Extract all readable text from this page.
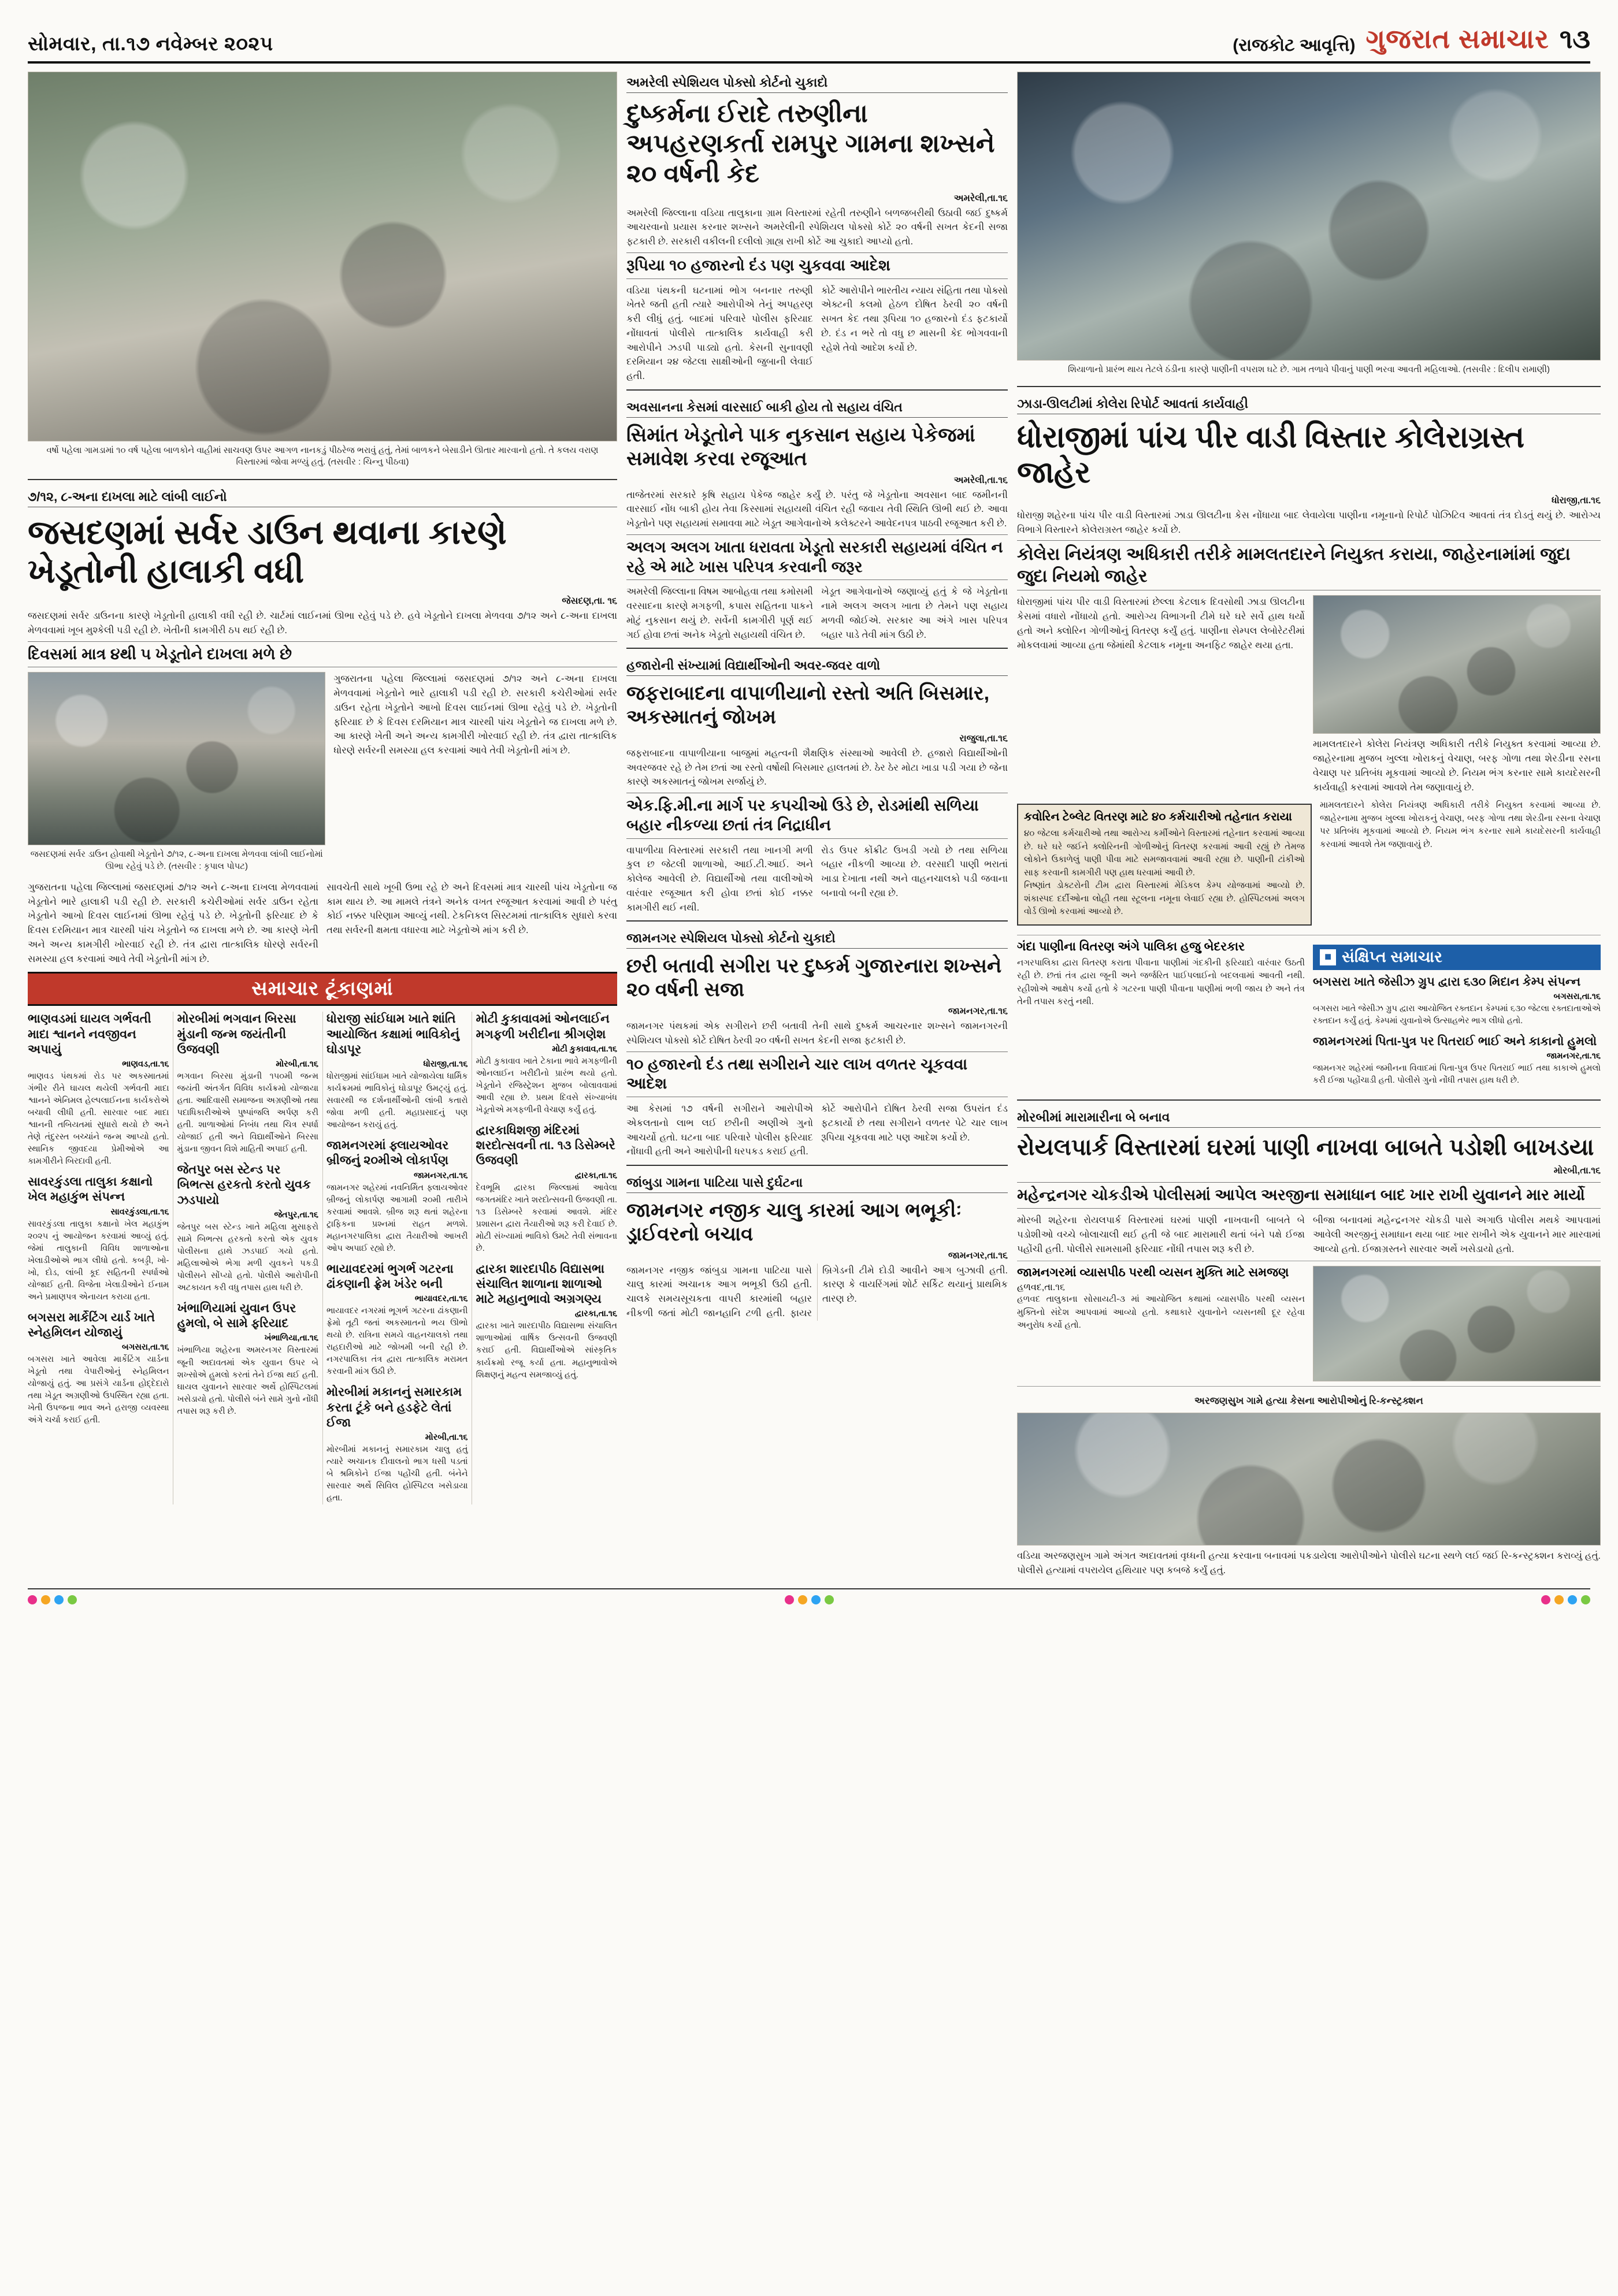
સોમવાર, તા.૧૭ નવેમ્બર ૨૦૨૫	(રાજકોટ આવૃત્તિ) ગુજરાત સમાચાર ૧૩
વર્ષો પહેલા ગામડામાં ૧૦ વર્ષ પહેલા બાળકોને વાહીમાં સાચવણ ઉપર આગળ નાનકડું પીઠરેજ ભરાવું હતું, તેમાં બાળકને બેસાડીને ઊતાર મારવાનો હતો. તે કલય વરાણ વિસ્તારમાં જોવા મળ્યું હતું. (તસવીર : ચિન્નુ પીઠવા)
૭/૧૨, ૮-અના દાખલા માટે લાંબી લાઈનો
જસદણમાં સર્વર ડાઉન થવાના કારણે ખેડૂતોની હાલાકી વધી
જેસદણ,તા. ૧૬
જસદણમાં સર્વર ડાઉનના કારણે ખેડૂતોની હાલાકી વધી રહી છે. ચાર્ટમાં લાઈનમાં ઊભા રહેવું પડે છે. હવે ખેડૂતોને દાખલા મેળવવા ૭/૧૨ અને ૮-અના દાખલા મેળવવામાં ખૂબ મુશ્કેલી પડી રહી છે. ખેતીની કામગીરી ઠપ થઈ રહી છે.
દિવસમાં માત્ર ૪થી ૫ ખેડૂતોને દાખલા મળે છે
જસદણમાં સર્વર ડાઉન હોવાથી ખેડૂતોને ૭/૧૨, ૮-અના દાખલા મેળવવા લાંબી લાઈનોમાં ઊભા રહેવું પડે છે. (તસવીર : કૃપાલ પોપટ)
ગુજરાતના પહેલા જિલ્લામાં જસદણમાં ૭/૧૨ અને ૮-અના દાખલા મેળવવામાં ખેડૂતોને ભારે હાલાકી પડી રહી છે. સરકારી કચેરીઓમાં સર્વર ડાઉન રહેતા ખેડૂતોને આખો દિવસ લાઈનમાં ઊભા રહેવું પડે છે. ખેડૂતોની ફરિયાદ છે કે દિવસ દરમિયાન માત્ર ચારથી પાંચ ખેડૂતોને જ દાખલા મળે છે. આ કારણે ખેતી અને અન્ય કામગીરી ખોરવાઈ રહી છે. તંત્ર દ્વારા તાત્કાલિક ધોરણે સર્વરની સમસ્યા હલ કરવામાં આવે તેવી ખેડૂતોની માંગ છે.
ગુજરાતના પહેલા જિલ્લામાં જસદણમાં ૭/૧૨ અને ૮-અના દાખલા મેળવવામાં ખેડૂતોને ભારે હાલાકી પડી રહી છે. સરકારી કચેરીઓમાં સર્વર ડાઉન રહેતા ખેડૂતોને આખો દિવસ લાઈનમાં ઊભા રહેવું પડે છે. ખેડૂતોની ફરિયાદ છે કે દિવસ દરમિયાન માત્ર ચારથી પાંચ ખેડૂતોને જ દાખલા મળે છે. આ કારણે ખેતી અને અન્ય કામગીરી ખોરવાઈ રહી છે. તંત્ર દ્વારા તાત્કાલિક ધોરણે સર્વરની સમસ્યા હલ કરવામાં આવે તેવી ખેડૂતોની માંગ છે.
સાવચેતી સાથે ખૂબી ઉભા રહે છે અને દિવસમાં માત્ર ચારથી પાંચ ખેડૂતોના જ કામ થાય છે. આ મામલે તંત્રને અનેક વખત રજૂઆત કરવામાં આવી છે પરંતુ કોઈ નક્કર પરિણામ આવ્યું નથી. ટેકનિકલ સિસ્ટમમાં તાત્કાલિક સુધારો કરવા તથા સર્વરની ક્ષમતા વધારવા માટે ખેડૂતોએ માંગ કરી છે.
સમાચાર ટૂંકાણમાં
ભાણવડમાં ઘાયલ ગર્ભવતી માદા શ્વાનને નવજીવન અપાયું
ભાણવડ,તા.૧૬
ભાણવડ પંથકમાં રોડ પર અકસ્માતમાં ગંભીર રીતે ઘાયલ થયેલી ગર્ભવતી માદા શ્વાનને એનિમલ હેલ્પલાઈનના કાર્યકરોએ બચાવી લીધી હતી. સારવાર બાદ માદા શ્વાનની તબિયતમાં સુધારો થયો છે અને તેણે તંદુરસ્ત બચ્ચાંને જન્મ આપ્યો હતો. સ્થાનિક જીવદયા પ્રેમીઓએ આ કામગીરીને બિરદાવી હતી.
સાવરકુંડલા તાલુકા કક્ષાનો ખેલ મહાકુંભ સંપન્ન
સાવરકુંડલા,તા.૧૬
સાવરકુંડલા તાલુકા કક્ષાનો ખેલ મહાકુંભ ૨૦૨૫ નું આયોજન કરવામાં આવ્યું હતું. જેમાં તાલુકાની વિવિધ શાળાઓના ખેલાડીઓએ ભાગ લીધો હતો. કબડ્ડી, ખો-ખો, દોડ, લાંબી કૂદ સહિતની સ્પર્ધાઓ યોજાઈ હતી. વિજેતા ખેલાડીઓને ઈનામ અને પ્રમાણપત્ર એનાયત કરાયા હતા.
બગસરા માર્કેટિંગ યાર્ડ ખાતે સ્નેહમિલન યોજાયું
બગસરા,તા.૧૬
બગસરા ખાતે આવેલા માર્કેટિંગ યાર્ડના ખેડૂતો તથા વેપારીઓનું સ્નેહમિલન યોજાયું હતું. આ પ્રસંગે યાર્ડના હોદ્દેદારો તથા ખેડૂત અગ્રણીઓ ઉપસ્થિત રહ્યા હતા. ખેતી ઉપજના ભાવ અને હરાજી વ્યવસ્થા અંગે ચર્ચા કરાઈ હતી.
મોરબીમાં ભગવાન બિરસા મુંડાની જન્મ જયંતીની ઉજવણી
મોરબી,તા.૧૬
ભગવાન બિરસા મુંડાની ૧૫૦મી જન્મ જયંતી અંતર્ગત વિવિધ કાર્યક્રમો યોજાયા હતા. આદિવાસી સમાજના અગ્રણીઓ તથા પદાધિકારીઓએ પુષ્પાંજલિ અર્પણ કરી હતી. શાળાઓમાં નિબંધ તથા ચિત્ર સ્પર્ધા યોજાઈ હતી અને વિદ્યાર્થીઓને બિરસા મુંડાના જીવન વિશે માહિતી અપાઈ હતી.
જેતપુર બસ સ્ટેન્ડ પર બિભત્સ હરકતો કરતો યુવક ઝડપાયો
જેતપુર,તા.૧૬
જેતપુર બસ સ્ટેન્ડ ખાતે મહિલા મુસાફરો સામે બિભત્સ હરકતો કરતો એક યુવક પોલીસના હાથે ઝડપાઈ ગયો હતો. મહિલાઓએ ભેગા મળી યુવકને પકડી પોલીસને સોંપ્યો હતો. પોલીસે આરોપીની અટકાયત કરી વધુ તપાસ હાથ ધરી છે.
ખંભાળિયામાં યુવાન ઉપર હુમલો, બે સામે ફરિયાદ
ખંભાળિયા,તા.૧૬
ખંભાળિયા શહેરના અમરનગર વિસ્તારમાં જૂની અદાવતમાં એક યુવાન ઉપર બે શખ્સોએ હુમલો કરતાં તેને ઈજા થઈ હતી. ઘાયલ યુવાનને સારવાર અર્થે હોસ્પિટલમાં ખસેડાયો હતો. પોલીસે બંને સામે ગુનો નોંધી તપાસ શરૂ કરી છે.
ધોરાજી સાંઈધામ ખાતે શાંતિ આયોજિત કક્ષામાં ભાવિકોનું ઘોડાપૂર
ધોરાજી,તા.૧૬
ધોરાજીમાં સાંઈધામ ખાતે યોજાયેલા ધાર્મિક કાર્યક્રમમાં ભાવિકોનું ઘોડાપૂર ઉમટ્યું હતું. સવારથી જ દર્શનાર્થીઓની લાંબી કતારો જોવા મળી હતી. મહાપ્રસાદનું પણ આયોજન કરાયું હતું.
જામનગરમાં ફ્લાયઓવર બ્રીજનું ૨૦મીએ લોકાર્પણ
જામનગર,તા.૧૬
જામનગર શહેરમાં નવનિર્મિત ફ્લાયઓવર બ્રીજનું લોકાર્પણ આગામી ૨૦મી તારીખે કરવામાં આવશે. બ્રીજ શરૂ થતાં શહેરના ટ્રાફિકના પ્રશ્નમાં રાહત મળશે. મહાનગરપાલિકા દ્વારા તૈયારીઓ આખરી ઓપ અપાઈ રહ્યો છે.
ભાયાવદરમાં ભુગર્ભ ગટરના ઢાંકણાની ફ્રેમ ખંડેર બની
ભાયાવદર,તા.૧૬
ભાયાવદર નગરમાં ભૂગર્ભ ગટરના ઢાંકણાની ફ્રેમો તૂટી જતાં અકસ્માતનો ભય ઊભો થયો છે. રાત્રિના સમયે વાહનચાલકો તથા રાહદારીઓ માટે જોખમી બની રહી છે. નગરપાલિકા તંત્ર દ્વારા તાત્કાલિક મરામત કરવાની માંગ ઉઠી છે.
મોરબીમાં મકાનનું સમારકામ કરતા ટૂંકે બને હડફેટે લેતાં ઈજા
મોરબી,તા.૧૬
મોરબીમાં મકાનનું સમારકામ ચાલુ હતું ત્યારે અચાનક દીવાલનો ભાગ ધસી પડતાં બે શ્રમિકોને ઈજા પહોંચી હતી. બંનેને સારવાર અર્થે સિવિલ હોસ્પિટલ ખસેડાયા હતા.
મોટી કુકાવાવમાં ઓનલાઈન મગફળી ખરીદીના શ્રીગણેશ
મોટી કુકાવાવ,તા.૧૬
મોટી કુકાવાવ ખાતે ટેકાના ભાવે મગફળીની ઓનલાઈન ખરીદીનો પ્રારંભ થયો હતો. ખેડૂતોને રજિસ્ટ્રેશન મુજબ બોલાવવામાં આવી રહ્યા છે. પ્રથમ દિવસે સંખ્યાબંધ ખેડૂતોએ મગફળીની વેચાણ કર્યું હતું.
દ્વારકાધિશજી મંદિરમાં શરદોત્સવની તા. ૧૩ ડિસેમ્બરે ઉજવણી
દ્વારકા,તા.૧૬
દેવભૂમિ દ્વારકા જિલ્લામાં આવેલા જગતમંદિર ખાતે શરદોત્સવની ઉજવણી તા. ૧૩ ડિસેમ્બરે કરવામાં આવશે. મંદિર પ્રશાસન દ્વારા તૈયારીઓ શરૂ કરી દેવાઈ છે. મોટી સંખ્યામાં ભાવિકો ઉમટે તેવી સંભાવના છે.
દ્વારકા શારદાપીઠ વિદ્યાસભા સંચાલિત શાળાના શાળાઓ માટે મહાનુભાવો અગ્રગણ્ય
દ્વારકા,તા.૧૬
દ્વારકા ખાતે શારદાપીઠ વિદ્યાસભા સંચાલિત શાળાઓમાં વાર્ષિક ઉત્સવની ઉજવણી કરાઈ હતી. વિદ્યાર્થીઓએ સાંસ્કૃતિક કાર્યક્રમો રજૂ કર્યા હતા. મહાનુભાવોએ શિક્ષણનું મહત્વ સમજાવ્યું હતું.
અમરેલી સ્પેશિયલ પોક્સો કોર્ટનો ચુકાદો
દુષ્કર્મના ઈરાદે તરુણીના અપહરણકર્તા રામપુર ગામના શખ્સને ૨૦ વર્ષની કેદ
અમરેલી,તા.૧૬
અમરેલી જિલ્લાના વડિયા તાલુકાના ગ્રામ વિસ્તારમાં રહેતી તરુણીને બળજબરીથી ઉઠાવી જઈ દુષ્કર્મ આચરવાનો પ્રયાસ કરનાર શખ્સને અમરેલીની સ્પેશિયલ પોક્સો કોર્ટે ૨૦ વર્ષની સખત કેદની સજા ફટકારી છે. સરકારી વકીલની દલીલો ગ્રાહ્ય રાખી કોર્ટે આ ચુકાદો આપ્યો હતો.
રૂપિયા ૧૦ હજારનો દંડ પણ ચુકવવા આદેશ
વડિયા પંથકની ઘટનામાં ભોગ બનનાર તરુણી ખેતરે જતી હતી ત્યારે આરોપીએ તેનું અપહરણ કરી લીધું હતું. બાદમાં પરિવારે પોલીસ ફરિયાદ નોંધાવતાં પોલીસે તાત્કાલિક કાર્યવાહી કરી આરોપીને ઝડપી પાડ્યો હતો. કેસની સુનાવણી દરમિયાન ૨૪ જેટલા સાક્ષીઓની જુબાની લેવાઈ હતી.
કોર્ટે આરોપીને ભારતીય ન્યાય સંહિતા તથા પોક્સો એક્ટની કલમો હેઠળ દોષિત ઠેરવી ૨૦ વર્ષની સખત કેદ તથા રૂપિયા ૧૦ હજારનો દંડ ફટકાર્યો છે. દંડ ન ભરે તો વધુ છ માસની કેદ ભોગવવાની રહેશે તેવો આદેશ કર્યો છે.
અવસાનના કેસમાં વારસાઈ બાકી હોય તો સહાય વંચિત
સિમાંત ખેડૂતોને પાક નુકસાન સહાય પેકેજમાં સમાવેશ કરવા રજૂઆત
અમરેલી,તા.૧૬
તાજેતરમાં સરકારે કૃષિ સહાય પેકેજ જાહેર કર્યું છે. પરંતુ જે ખેડૂતોના અવસાન બાદ જમીનની વારસાઈ નોંધ બાકી હોય તેવા કિસ્સામાં સહાયથી વંચિત રહી જવાય તેવી સ્થિતિ ઊભી થઈ છે. આવા ખેડૂતોને પણ સહાયમાં સમાવવા માટે ખેડૂત આગેવાનોએ કલેક્ટરને આવેદનપત્ર પાઠવી રજૂઆત કરી છે.
અલગ અલગ ખાતા ધરાવતા ખેડૂતો સરકારી સહાયમાં વંચિત ન રહે એ માટે ખાસ પરિપત્ર કરવાની જરૂર
અમરેલી જિલ્લાના વિષમ આબોહવા તથા કમોસમી વરસાદના કારણે મગફળી, કપાસ સહિતના પાકને મોટું નુકસાન થયું છે. સર્વેની કામગીરી પૂર્ણ થઈ ગઈ હોવા છતાં અનેક ખેડૂતો સહાયથી વંચિત છે.
ખેડૂત આગેવાનોએ જણાવ્યું હતું કે જે ખેડૂતોના નામે અલગ અલગ ખાતા છે તેમને પણ સહાય મળવી જોઈએ. સરકાર આ અંગે ખાસ પરિપત્ર બહાર પાડે તેવી માંગ ઉઠી છે.
હજારોની સંખ્યામાં વિદ્યાર્થીઓની અવર-જવર વાળો
જફરાબાદના વાપાળીયાનો રસ્તો અતિ બિસમાર, અકસ્માતનું જોખમ
રાજુલા,તા.૧૬
જફરાબાદના વાપાળીયાના બાજુમાં મહત્વની શૈક્ષણિક સંસ્થાઓ આવેલી છે. હજારો વિદ્યાર્થીઓની અવરજવર રહે છે તેમ છતાં આ રસ્તો વર્ષોથી બિસમાર હાલતમાં છે. ઠેર ઠેર મોટા ખાડા પડી ગયા છે જેના કારણે અકસ્માતનું જોખમ સર્જાયું છે.
એક.ફિ.મી.ના માર્ગ પર કપચીઓ ઉડે છે, રોડમાંથી સળિયા બહાર નીકળ્યા છતાં તંત્ર નિદ્રાધીન
વાપાળીયા વિસ્તારમાં સરકારી તથા ખાનગી મળી કુલ છ જેટલી શાળાઓ, આઈ.ટી.આઈ. અને કોલેજ આવેલી છે. વિદ્યાર્થીઓ તથા વાલીઓએ વારંવાર રજૂઆત કરી હોવા છતાં કોઈ નક્કર કામગીરી થઈ નથી.
રોડ ઉપર કોંક્રીટ ઉખડી ગયો છે તથા સળિયા બહાર નીકળી આવ્યા છે. વરસાદી પાણી ભરાતાં ખાડા દેખાતા નથી અને વાહનચાલકો પડી જવાના બનાવો બની રહ્યા છે.
જામનગર સ્પેશિયલ પોક્સો કોર્ટનો ચુકાદો
છરી બતાવી સગીરા પર દુષ્કર્મ ગુજારનારા શખ્સને ૨૦ વર્ષની સજા
જામનગર,તા.૧૬
જામનગર પંથકમાં એક સગીરાને છરી બતાવી તેની સાથે દુષ્કર્મ આચરનાર શખ્સને જામનગરની સ્પેશિયલ પોક્સો કોર્ટે દોષિત ઠેરવી ૨૦ વર્ષની સખત કેદની સજા ફટકારી છે.
૧૦ હજારનો દંડ તથા સગીરાને ચાર લાખ વળતર ચૂકવવા આદેશ
આ કેસમાં ૧૭ વર્ષની સગીરાને આરોપીએ એકલતાનો લાભ લઈ છરીની અણીએ ગુનો આચર્યો હતો. ઘટના બાદ પરિવારે પોલીસ ફરિયાદ નોંધાવી હતી અને આરોપીની ધરપકડ કરાઈ હતી.
કોર્ટે આરોપીને દોષિત ઠેરવી સજા ઉપરાંત દંડ ફટકાર્યો છે તથા સગીરાને વળતર પેટે ચાર લાખ રૂપિયા ચૂકવવા માટે પણ આદેશ કર્યો છે.
જાંબુડા ગામના પાટિયા પાસે દુર્ઘટના
જામનગર નજીક ચાલુ કારમાં આગ ભભૂકીઃ ડ્રાઈવરનો બચાવ
જામનગર,તા.૧૬
જામનગર નજીક જાંબુડા ગામના પાટિયા પાસે ચાલુ કારમાં અચાનક આગ ભભૂકી ઉઠી હતી. ચાલકે સમયસૂચકતા વાપરી કારમાંથી બહાર નીકળી જતાં મોટી જાનહાનિ ટળી હતી. ફાયર બ્રિગેડની ટીમે દોડી આવીને આગ બુઝાવી હતી. કારણ કે વાયરિંગમાં શોર્ટ સર્કિટ થયાનું પ્રાથમિક તારણ છે.
શિયાળાનો પ્રારંભ થાય તેટલે ઠંડીના કારણે પાણીની વપરાશ ઘટે છે. ગામ તળાવે પીવાનું પાણી ભરવા આવતી મહિલાઓ. (તસવીર : દિલીપ રામાણી)
ઝાડા-ઊલટીમાં કોલેરા રિપોર્ટ આવતાં કાર્યવાહી
ધોરાજીમાં પાંચ પીર વાડી વિસ્તાર કોલેરાગ્રસ્ત જાહેર
ધોરાજી,તા.૧૬
ધોરાજી શહેરના પાંચ પીર વાડી વિસ્તારમાં ઝાડા ઊલટીના કેસ નોંધાયા બાદ લેવાયેલા પાણીના નમૂનાનો રિપોર્ટ પોઝિટિવ આવતાં તંત્ર દોડતું થયું છે. આરોગ્ય વિભાગે વિસ્તારને કોલેરાગ્રસ્ત જાહેર કર્યો છે.
કોલેરા નિયંત્રણ અધિકારી તરીકે મામલતદારને નિયુક્ત કરાયા, જાહેરનામાંમાં જુદા જુદા નિયમો જાહેર
ધોરાજીમાં પાંચ પીર વાડી વિસ્તારમાં છેલ્લા કેટલાક દિવસોથી ઝાડા ઊલટીના કેસમાં વધારો નોંધાયો હતો. આરોગ્ય વિભાગની ટીમે ઘરે ઘરે સર્વે હાથ ધર્યો હતો અને ક્લોરિન ગોળીઓનું વિતરણ કર્યું હતું. પાણીના સેમ્પલ લેબોરેટરીમાં મોકલવામાં આવ્યા હતા જેમાંથી કેટલાક નમૂના અનફિટ જાહેર થયા હતા.
મામલતદારને કોલેરા નિયંત્રણ અધિકારી તરીકે નિયુક્ત કરવામાં આવ્યા છે. જાહેરનામા મુજબ ખુલ્લા ખોરાકનું વેચાણ, બરફ ગોળા તથા શેરડીના રસના વેચાણ પર પ્રતિબંધ મૂકવામાં આવ્યો છે. નિયમ ભંગ કરનાર સામે કાયદેસરની કાર્યવાહી કરવામાં આવશે તેમ જણાવાયું છે.
કવોરિન ટેબ્લેટ વિતરણ માટે ૪૦ કર્મચારીઓ તહેનાત કરાયા
૪૦ જેટલા કર્મચારીઓ તથા આરોગ્ય કર્મીઓને વિસ્તારમાં તહેનાત કરવામાં આવ્યા છે. ઘરે ઘરે જઈને ક્લોરિનની ગોળીઓનું વિતરણ કરવામાં આવી રહ્યું છે તેમજ લોકોને ઉકાળેલું પાણી પીવા માટે સમજાવવામાં આવી રહ્યા છે. પાણીની ટાંકીઓ સાફ કરવાની કામગીરી પણ હાથ ધરવામાં આવી છે.
નિષ્ણાંત ડોક્ટરોની ટીમ દ્વારા વિસ્તારમાં મેડિકલ કેમ્પ યોજવામાં આવ્યો છે. શંકાસ્પદ દર્દીઓના લોહી તથા સ્ટૂલના નમૂના લેવાઈ રહ્યા છે. હોસ્પિટલમાં અલગ વોર્ડ ઊભો કરવામાં આવ્યો છે.
મામલતદારને કોલેરા નિયંત્રણ અધિકારી તરીકે નિયુક્ત કરવામાં આવ્યા છે. જાહેરનામા મુજબ ખુલ્લા ખોરાકનું વેચાણ, બરફ ગોળા તથા શેરડીના રસના વેચાણ પર પ્રતિબંધ મૂકવામાં આવ્યો છે. નિયમ ભંગ કરનાર સામે કાયદેસરની કાર્યવાહી કરવામાં આવશે તેમ જણાવાયું છે.
ગંદા પાણીના વિતરણ અંગે પાલિકા હજુ બેદરકાર
નગરપાલિકા દ્વારા વિતરણ કરાતા પીવાના પાણીમાં ગંદકીની ફરિયાદો વારંવાર ઉઠતી રહી છે. છતાં તંત્ર દ્વારા જૂની અને જર્જરિત પાઈપલાઈનો બદલવામાં આવતી નથી. રહીશોએ આક્ષેપ કર્યો હતો કે ગટરના પાણી પીવાના પાણીમાં ભળી જાય છે અને તંત્ર તેની તપાસ કરતું નથી.
■ સંક્ષિપ્ત સમાચાર
બગસરા ખાતે જેસીઝ ગ્રુપ દ્વારા ૬૩૦ મિદાન કેમ્પ સંપન્ન
બગસરા,તા.૧૬
બગસરા ખાતે જેસીઝ ગ્રુપ દ્વારા આયોજિત રક્તદાન કેમ્પમાં ૬૩૦ જેટલા રક્તદાતાઓએ રક્તદાન કર્યું હતું. કેમ્પમાં યુવાનોએ ઉત્સાહભેર ભાગ લીધો હતો.
જામનગરમાં પિતા-પુત્ર પર પિતરાઈ ભાઈ અને કાકાનો હુમલો
જામનગર,તા.૧૬
જામનગર શહેરમાં જમીનના વિવાદમાં પિતા-પુત્ર ઉપર પિતરાઈ ભાઈ તથા કાકાએ હુમલો કરી ઈજા પહોંચાડી હતી. પોલીસે ગુનો નોંધી તપાસ હાથ ધરી છે.
મોરબીમાં મારામારીના બે બનાવ
રોયલપાર્ક વિસ્તારમાં ઘરમાં પાણી નાખવા બાબતે પડોશી બાખડયા
મોરબી,તા.૧૬
મહેન્દ્રનગર ચોકડીએ પોલીસમાં આપેલ અરજીના સમાધાન બાદ ખાર રાખી યુવાનને માર માર્યો
મોરબી શહેરના રોયલપાર્ક વિસ્તારમાં ઘરમાં પાણી નાખવાની બાબતે બે પડોશીઓ વચ્ચે બોલાચાલી થઈ હતી જે બાદ મારામારી થતાં બંને પક્ષે ઈજા પહોંચી હતી. પોલીસે સામસામી ફરિયાદ નોંધી તપાસ શરૂ કરી છે.
બીજા બનાવમાં મહેન્દ્રનગર ચોકડી પાસે અગાઉ પોલીસ મથકે આપવામાં આવેલી અરજીનું સમાધાન થયા બાદ ખાર રાખીને એક યુવાનને માર મારવામાં આવ્યો હતો. ઈજાગ્રસ્તને સારવાર અર્થે ખસેડાયો હતો.
જામનગરમાં વ્યાસપીઠ પરથી વ્યસન મુક્તિ માટે સમજણ
હળવદ,તા.૧૬
હળવદ તાલુકાના સોસાયટી-૩ માં આયોજિત કથામાં વ્યાસપીઠ પરથી વ્યસન મુક્તિનો સંદેશ આપવામાં આવ્યો હતો. કથાકારે યુવાનોને વ્યસનથી દૂર રહેવા અનુરોધ કર્યો હતો.
અરજણસુખ ગામે હત્યા કેસના આરોપીઓનું રિ-કન્સ્ટ્રક્શન
વડિયા અરજણસુખ ગામે અંગત અદાવતમાં વૃધ્ધની હત્યા કરવાના બનાવમાં પકડાયેલા આરોપીઓને પોલીસે ઘટના સ્થળે લઈ જઈ રિ-કન્સ્ટ્રક્શન કરાવ્યું હતું. પોલીસે હત્યામાં વપરાયેલ હથિયાર પણ કબજે કર્યું હતું.
